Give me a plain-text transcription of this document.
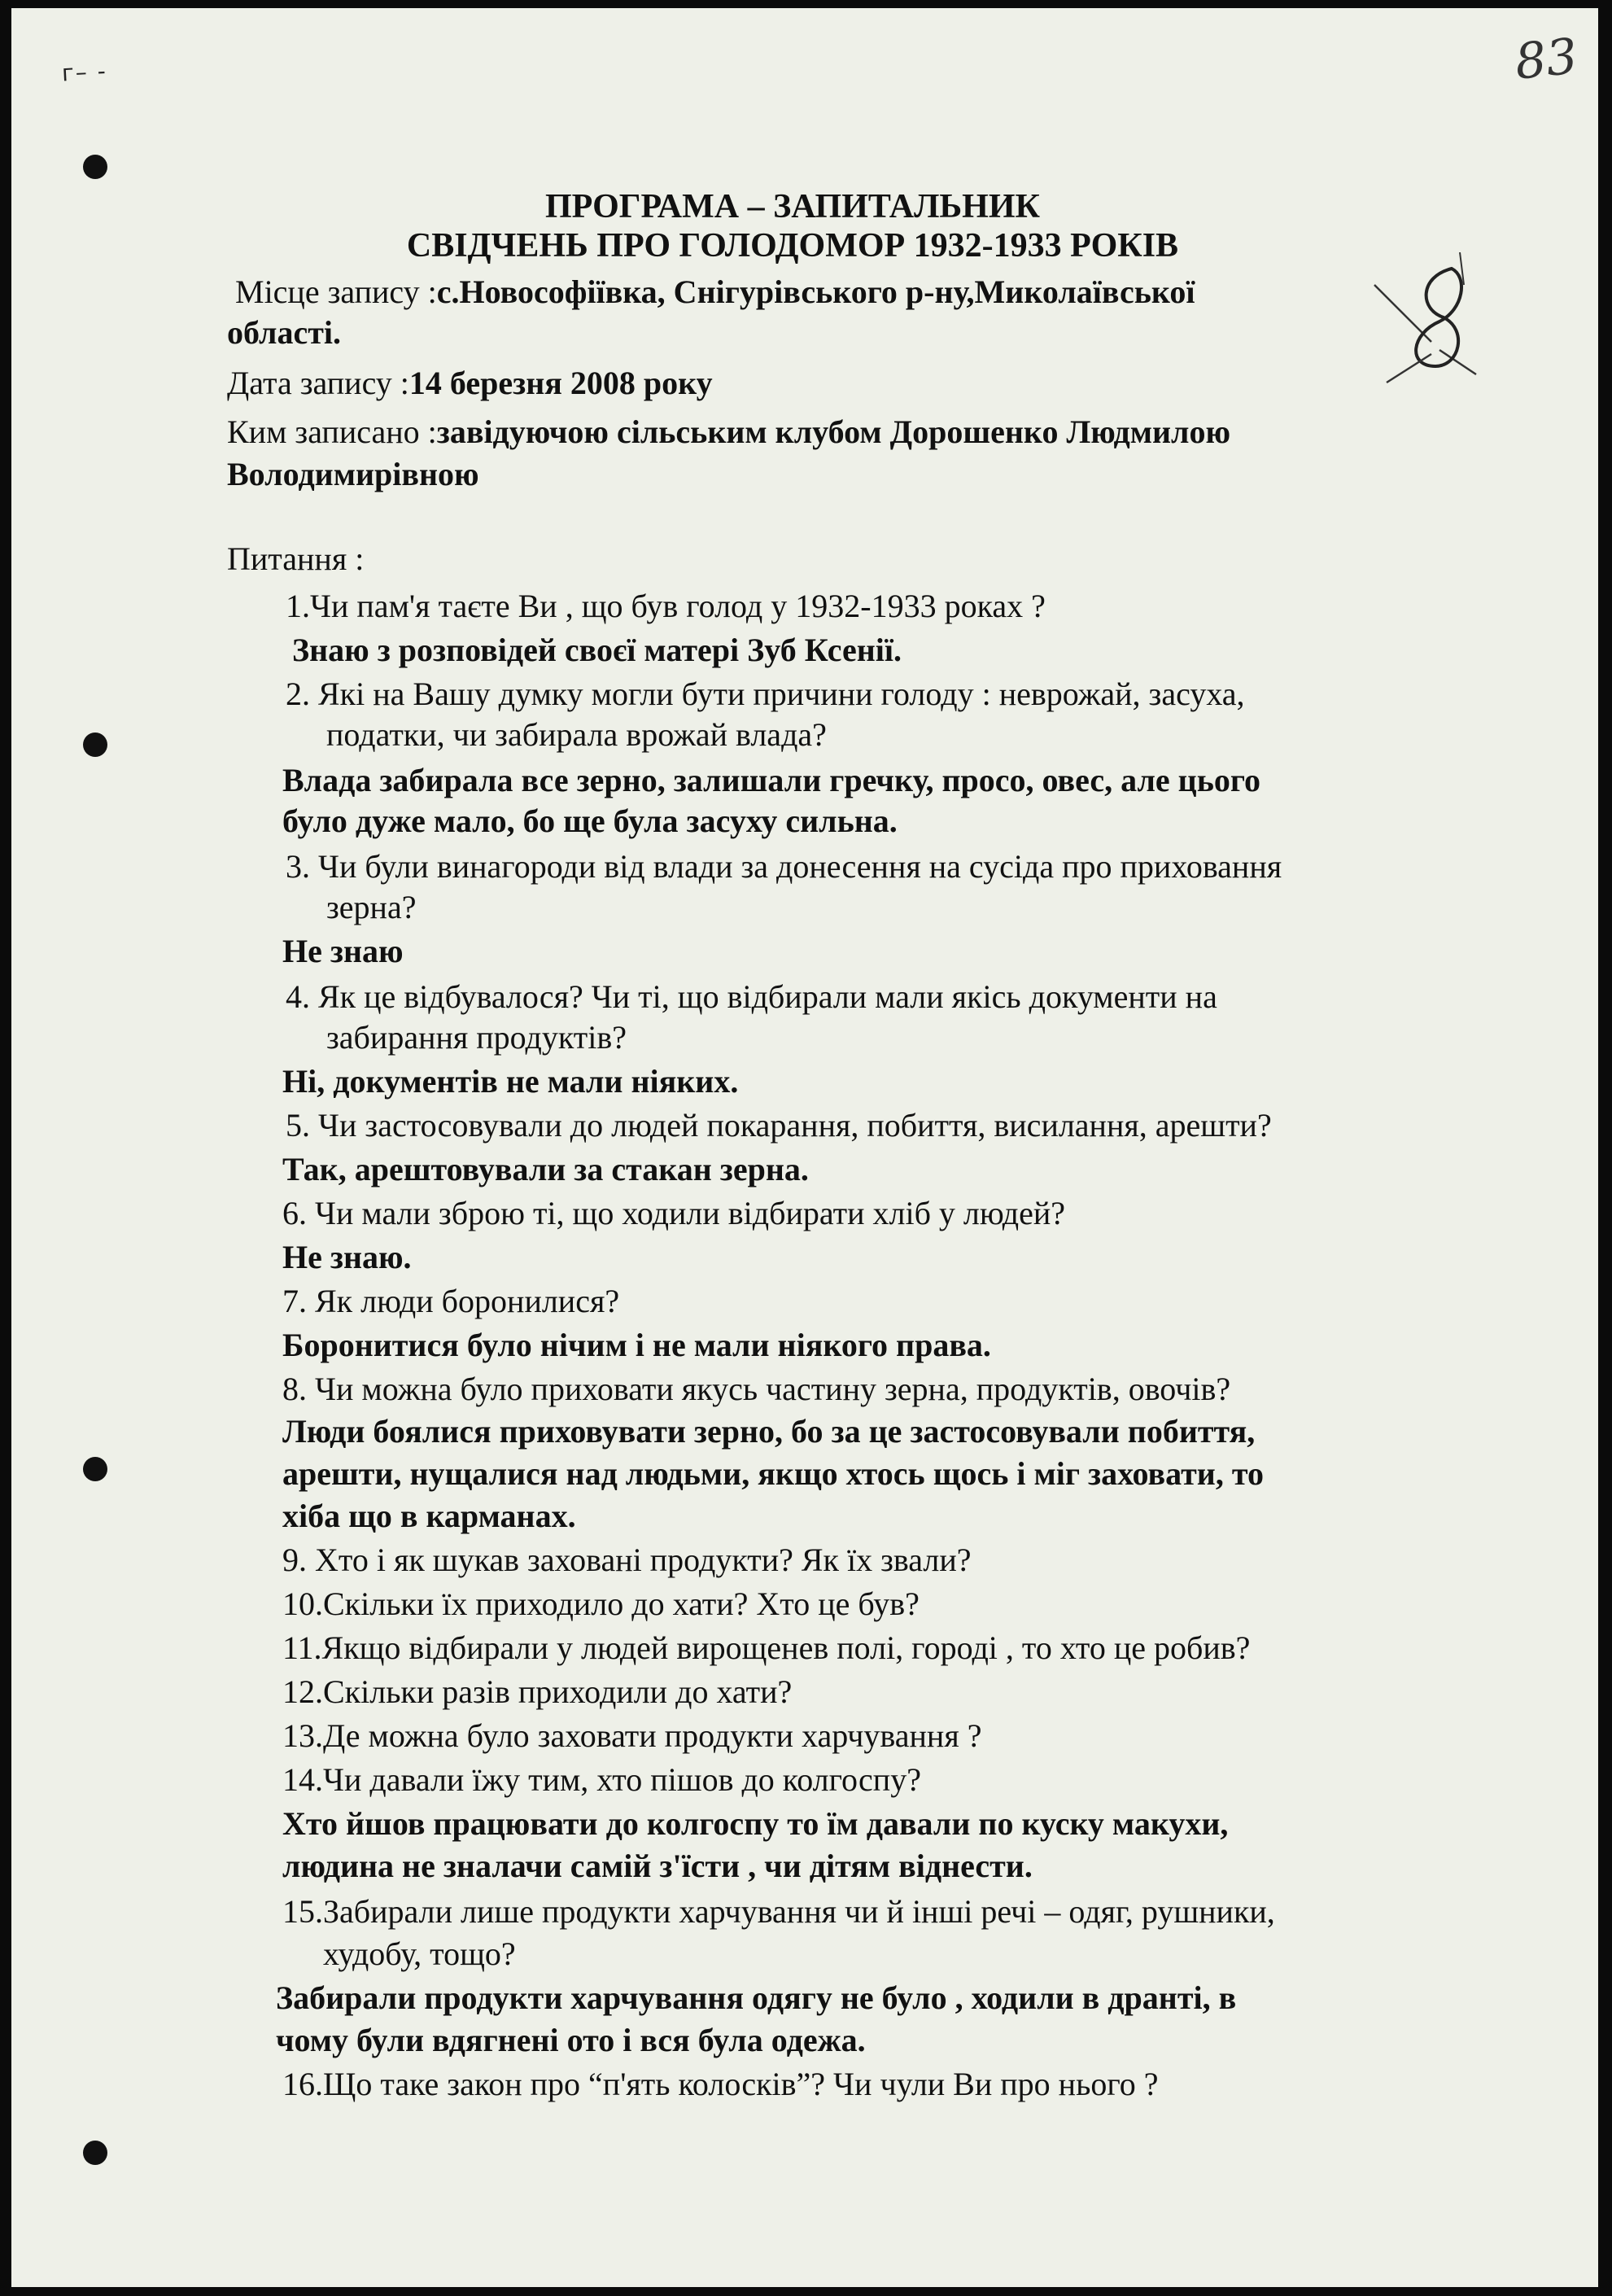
г– -	83
ПРОГРАМА – ЗАПИТАЛЬНИК
СВІДЧЕНЬ ПРО ГОЛОДОМОР 1932-1933 РОКІВ
Місце запису :с.Новософіївка, Снігурівського р-ну,Миколаївської
області.
Дата запису :14 березня 2008 року
Ким записано :завідуючою сільським клубом Дорошенко Людмилою
Володимирівною
Питання :
1.Чи пам'я таєте Ви , що був голод у 1932-1933 роках ?
Знаю з розповідей своєї матері Зуб Ксенії.
2. Які на Вашу думку могли бути причини голоду : неврожай, засуха,
податки, чи забирала врожай влада?
Влада забирала все зерно, залишали гречку, просо, овес, але цього
було дуже мало, бо ще була засуху сильна.
3. Чи були винагороди від влади за донесення на сусіда про приховання
зерна?
Не знаю
4. Як це відбувалося? Чи ті, що відбирали мали якісь документи на
забирання продуктів?
Ні, документів не мали ніяких.
5. Чи застосовували до людей покарання, побиття, висилання, арешти?
Так, арештовували за стакан зерна.
6. Чи мали зброю ті, що ходили відбирати хліб у людей?
Не знаю.
7. Як люди боронилися?
Боронитися було нічим і не мали ніякого права.
8. Чи можна було приховати якусь частину зерна, продуктів, овочів?
Люди боялися приховувати зерно, бо за це застосовували побиття,
арешти, нущалися над людьми, якщо хтось щось і міг заховати, то
хіба що в карманах.
9. Хто і як шукав заховані продукти? Як їх звали?
10.Скільки їх приходило до хати? Хто це був?
11.Якщо відбирали у людей вирощенев полі, городі , то хто це робив?
12.Скільки разів приходили до хати?
13.Де можна було заховати продукти харчування ?
14.Чи давали їжу тим, хто пішов до колгоспу?
Хто йшов працювати до колгоспу то їм давали по куску макухи,
людина не зналачи самій з'їсти , чи дітям віднести.
15.Забирали лише продукти харчування чи й інші речі – одяг, рушники,
худобу, тощо?
Забирали продукти харчування одягу не було , ходили в дранті, в
чому були вдягнені ото і вся була одежа.
16.Що таке закон про “п'ять колосків”? Чи чули Ви про нього ?
